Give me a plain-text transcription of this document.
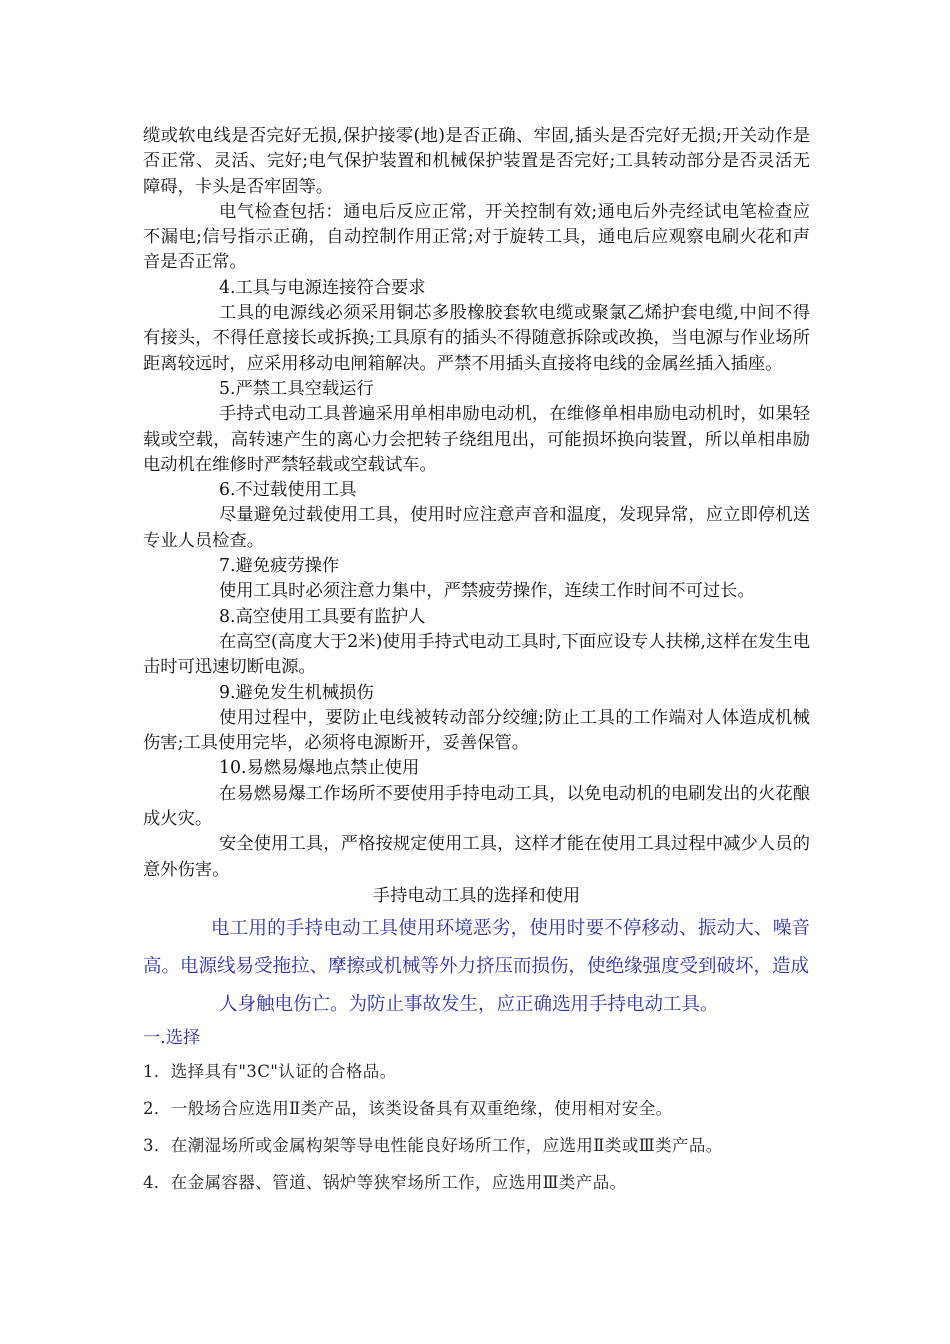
缆或软电线是否完好无损,保护接零(地)是否正确、牢固,插头是否完好无损;开关动作是否正常、灵活、完好;电气保护装置和机械保护装置是否完好;工具转动部分是否灵活无障碍，卡头是否牢固等。

电气检查包括：通电后反应正常，开关控制有效;通电后外壳经试电笔检查应不漏电;信号指示正确，自动控制作用正常;对于旋转工具，通电后应观察电刷火花和声音是否正常。

4.工具与电源连接符合要求

工具的电源线必须采用铜芯多股橡胶套软电缆或聚氯乙烯护套电缆,中间不得有接头，不得任意接长或拆换;工具原有的插头不得随意拆除或改换，当电源与作业场所距离较远时，应采用移动电闸箱解决。严禁不用插头直接将电线的金属丝插入插座。

5.严禁工具空载运行

手持式电动工具普遍采用单相串励电动机，在维修单相串励电动机时，如果轻载或空载，高转速产生的离心力会把转子绕组甩出，可能损坏换向装置，所以单相串励电动机在维修时严禁轻载或空载试车。

6.不过载使用工具

尽量避免过载使用工具，使用时应注意声音和温度，发现异常，应立即停机送专业人员检查。

7.避免疲劳操作

使用工具时必须注意力集中，严禁疲劳操作，连续工作时间不可过长。

8.高空使用工具要有监护人

在高空(高度大于2米)使用手持式电动工具时,下面应设专人扶梯,这样在发生电击时可迅速切断电源。

9.避免发生机械损伤

使用过程中，要防止电线被转动部分绞缠;防止工具的工作端对人体造成机械伤害;工具使用完毕，必须将电源断开，妥善保管。

10.易燃易爆地点禁止使用

在易燃易爆工作场所不要使用手持电动工具，以免电动机的电刷发出的火花酿成火灾。

安全使用工具，严格按规定使用工具，这样才能在使用工具过程中减少人员的意外伤害。

手持电动工具的选择和使用

电工用的手持电动工具使用环境恶劣，使用时要不停移动、振动大、噪音高。电源线易受拖拉、摩擦或机械等外力挤压而损伤，使绝缘强度受到破坏，造成

人身触电伤亡。为防止事故发生，应正确选用手持电动工具。

一.选择

1．选择具有"3C"认证的合格品。

2．一般场合应选用Ⅱ类产品，该类设备具有双重绝缘，使用相对安全。

3．在潮湿场所或金属构架等导电性能良好场所工作，应选用Ⅱ类或Ⅲ类产品。

4．在金属容器、管道、锅炉等狭窄场所工作，应选用Ⅲ类产品。
